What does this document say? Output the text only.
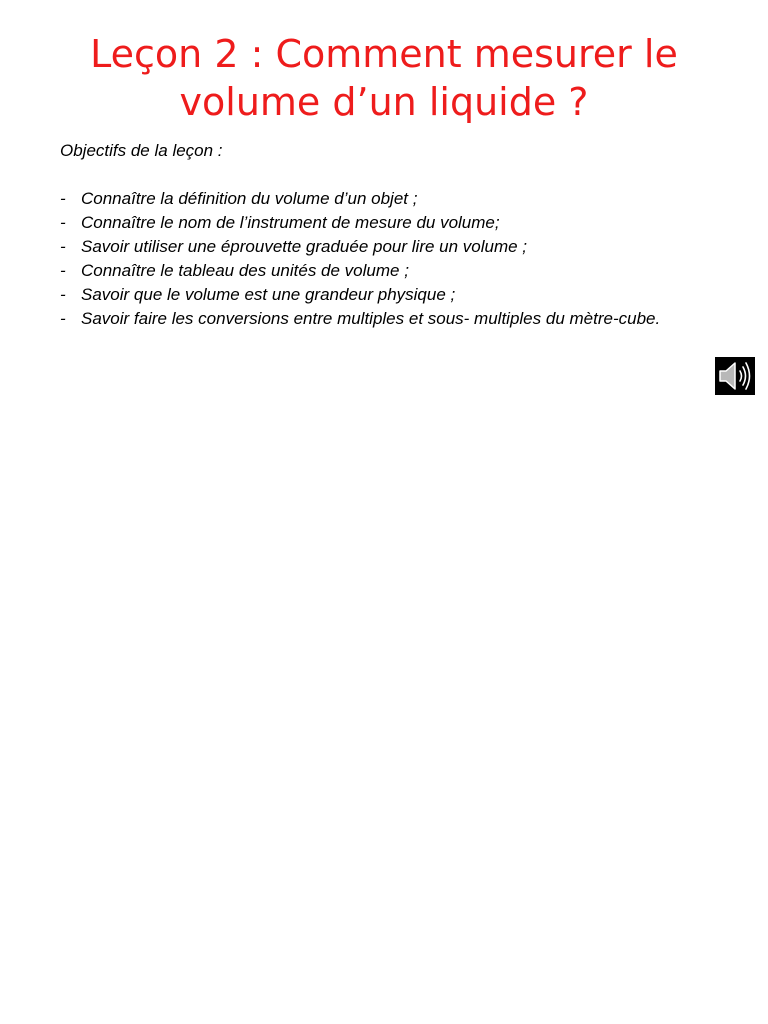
Leçon 2 : Comment mesurer le volume d’un liquide ?

Objectifs de la leçon :

- Connaître la définition du volume d’un objet ;
- Connaître le nom de l’instrument de mesure du volume;
- Savoir utiliser une éprouvette graduée pour lire un volume ;
- Connaître le tableau des unités de volume ;
- Savoir que le volume est une grandeur physique ;
- Savoir faire les conversions entre multiples et sous- multiples du mètre-cube.
